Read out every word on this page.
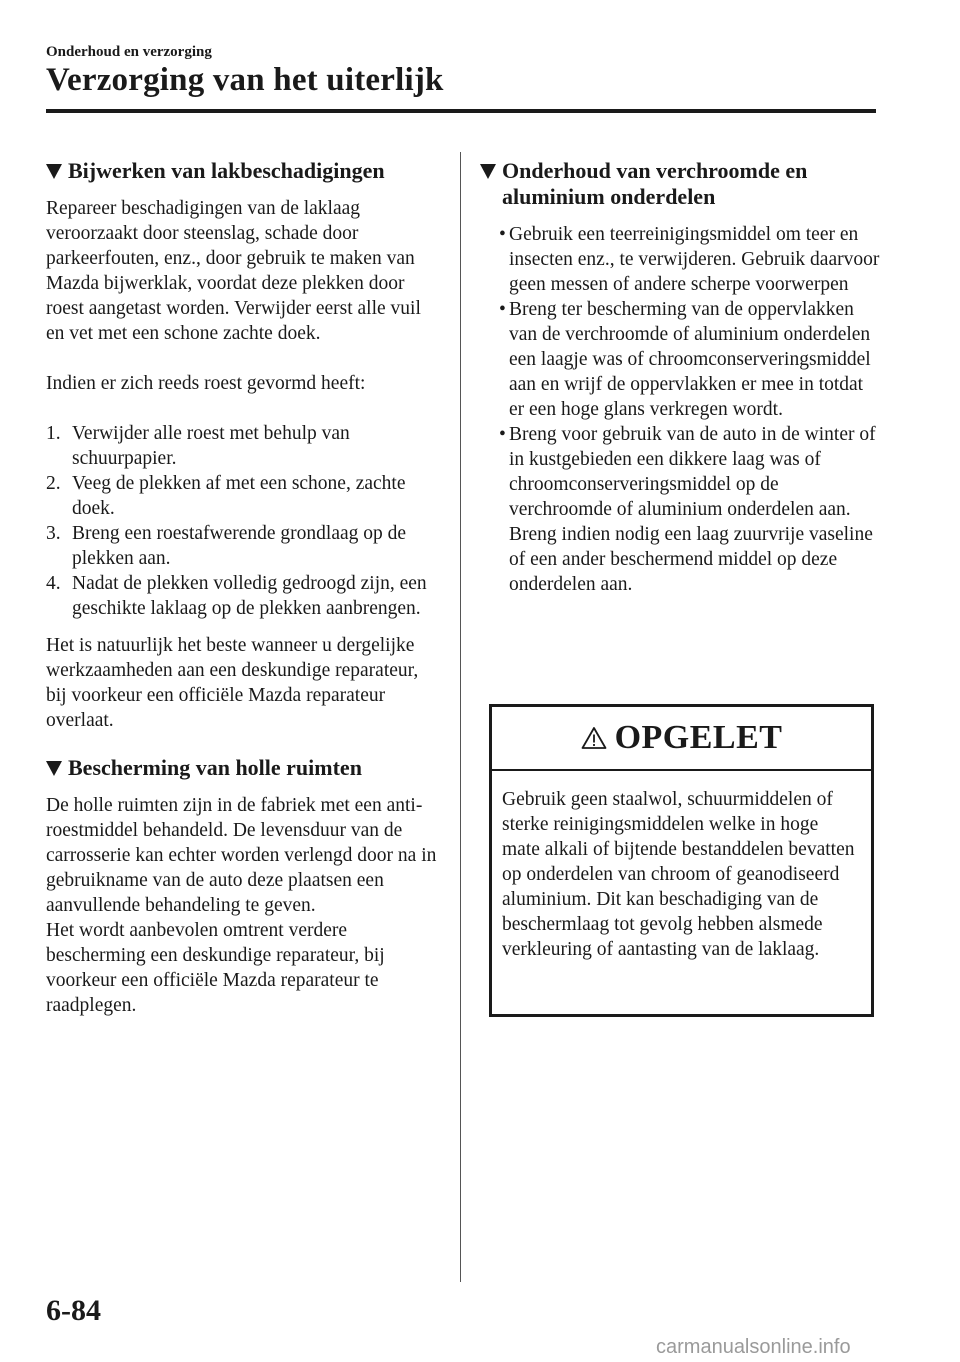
Onderhoud en verzorging
Verzorging van het uiterlijk
Bijwerken van lakbeschadigingen

Repareer beschadigingen van de laklaag veroorzaakt door steenslag, schade door parkeerfouten, enz., door gebruik te maken van Mazda bijwerklak, voordat deze plekken door roest aangetast worden. Verwijder eerst alle vuil en vet met een schone zachte doek.

Indien er zich reeds roest gevormd heeft:

1. Verwijder alle roest met behulp van schuurpapier.
2. Veeg de plekken af met een schone, zachte doek.
3. Breng een roestafwerende grondlaag op de plekken aan.
4. Nadat de plekken volledig gedroogd zijn, een geschikte laklaag op de plekken aanbrengen.

Het is natuurlijk het beste wanneer u dergelijke werkzaamheden aan een deskundige reparateur, bij voorkeur een officiële Mazda reparateur overlaat.

Bescherming van holle ruimten

De holle ruimten zijn in de fabriek met een anti-roestmiddel behandeld. De levensduur van de carrosserie kan echter worden verlengd door na in gebruikname van de auto deze plaatsen een aanvullende behandeling te geven.

Het wordt aanbevolen omtrent verdere bescherming een deskundige reparateur, bij voorkeur een officiële Mazda reparateur te raadplegen.

Onderhoud van verchroomde en aluminium onderdelen
• Gebruik een teerreinigingsmiddel om teer en insecten enz., te verwijderen. Gebruik daarvoor geen messen of andere scherpe voorwerpen
• Breng ter bescherming van de oppervlakken van de verchroomde of aluminium onderdelen een laagje was of chroomconserveringsmiddel aan en wrijf de oppervlakken er mee in totdat er een hoge glans verkregen wordt.
• Breng voor gebruik van de auto in de winter of in kustgebieden een dikkere laag was of chroomconserveringsmiddel op de verchroomde of aluminium onderdelen aan. Breng indien nodig een laag zuurvrije vaseline of een ander beschermend middel op deze onderdelen aan.
OPGELET
Gebruik geen staalwol, schuurmiddelen of sterke reinigingsmiddelen welke in hoge mate alkali of bijtende bestanddelen bevatten op onderdelen van chroom of geanodiseerd aluminium. Dit kan beschadiging van de beschermlaag tot gevolg hebben alsmede verkleuring of aantasting van de laklaag.
6-84
carmanualsonline.info
